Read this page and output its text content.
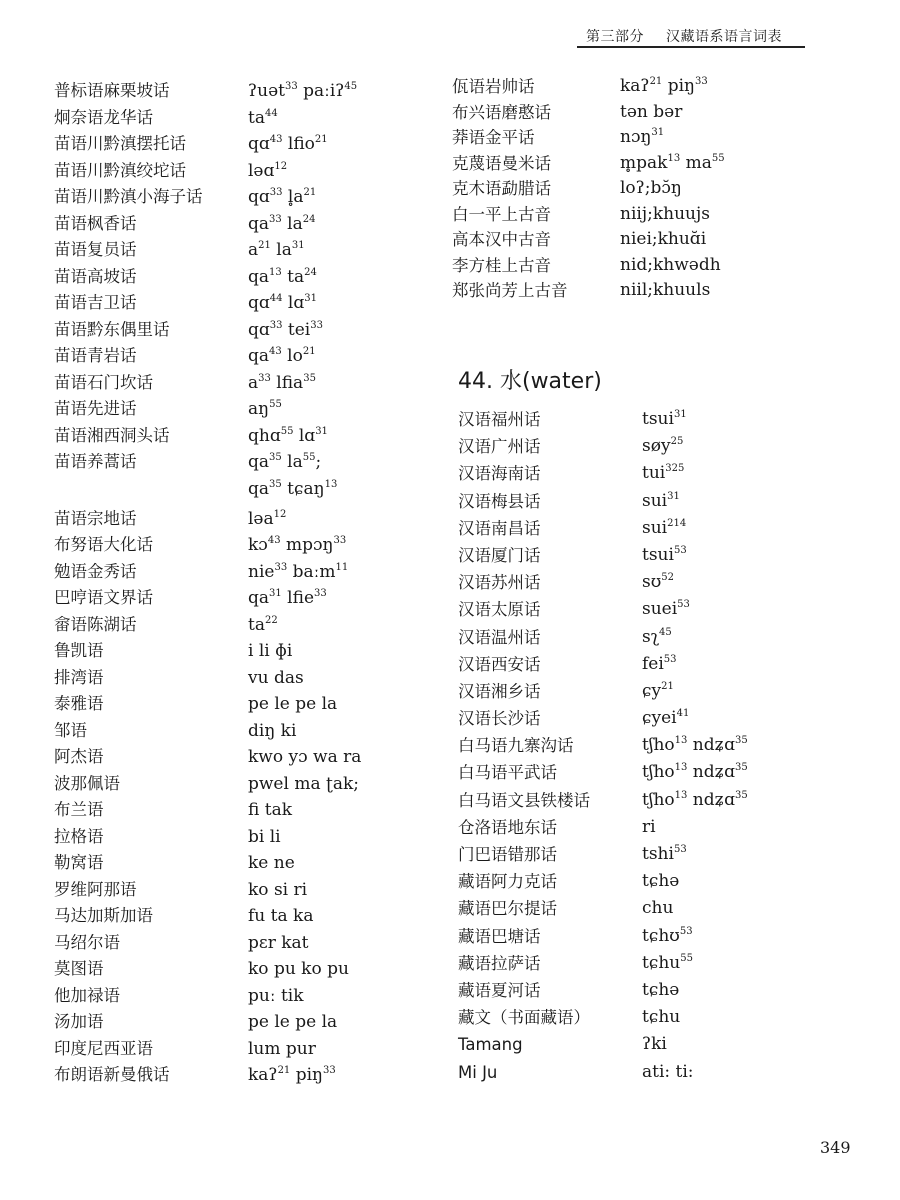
第三部分 汉藏语系语言词表
普标语麻栗坡话	ʔuət$^{33}$ paːiʔ$^{45}$
炯奈语龙华话	$ta^{44}$
苗语川黔滇摆托话	qɑ$^{43}$ lfio$^{21}$
苗语川黔滇绞坨话	ləɑ$^{12}$
苗语川黔滇小海子话	qɑ$^{33}$ $l̥a^{21}$
苗语枫香话	$qa^{33}$ $la^{24}$
苗语复员话	$a^{21}$ $la^{31}$
苗语高坡话	$qa^{13}$ $ta^{24}$
苗语吉卫话	qɑ$^{44}$ lɑ$^{31}$
苗语黔东偶里话	qɑ$^{33}$ tei$^{33}$
苗语青岩话	$qa^{43}$ $lo^{21}$
苗语石门坎话	$a^{33}$ lfia$^{35}$
苗语先进话	$aŋ^{55}$
苗语湘西洞头话	qhɑ$^{55}$ lɑ$^{31}$
苗语养蒿话	$qa^{35}$ $la^{55}$;
$qa^{35}$ tɕaŋ$^{13}$
苗语宗地话	ləa$^{12}$
布努语大化话	kɔ$^{43}$ mpɔŋ$^{33}$
勉语金秀话	nie$^{33}$ baːm$^{11}$
巴哼语文界话	$qa^{31}$ lfie$^{33}$
畲语陈湖话	$ta^{22}$
鲁凯语	i li ɸi
排湾语	vu das
泰雅语	pe le pe la
邹语	diŋ ki
阿杰语	kwo yɔ wa ra
波那佩语	pwel ma ʈak;
布兰语	fi tak
拉格语	bi li
勒窝语	ke ne
罗维阿那语	ko si ri
马达加斯加语	fu ta ka
马绍尔语	pɛr kat
莫图语	ko pu ko pu
他加禄语	puː tik
汤加语	pe le pe la
印度尼西亚语	lum pur
布朗语新曼俄话	kaʔ$^{21}$ piŋ$^{33}$
佤语岩帅话	kaʔ$^{21}$ piŋ$^{33}$
布兴语磨憨话	tən bər
莽语金平话	nɔŋ$^{31}$
克蔑语曼米话	m̥pak$^{13}$ $ma^{55}$
克木语勐腊话	loʔ;bɔ̆ŋ
白一平上古音	niij;khuujs
高本汉中古音	niei;khuɑ̆i
李方桂上古音	nid;khwədh
郑张尚芳上古音	niil;khuuls
44. 水(water)
汉语福州话	tsui$^{31}$
汉语广州话	søy$^{25}$
汉语海南话	tui$^{325}$
汉语梅县话	sui$^{31}$
汉语南昌话	sui$^{214}$
汉语厦门话	tsui$^{53}$
汉语苏州话	sʊ$^{52}$
汉语太原话	suei$^{53}$
汉语温州话	sʅ$^{45}$
汉语西安话	fei$^{53}$
汉语湘乡话	ɕy$^{21}$
汉语长沙话	ɕyei$^{41}$
白马语九寨沟话	tʃho$^{13}$ ndʑɑ$^{35}$
白马语平武话	tʃho$^{13}$ ndʑɑ$^{35}$
白马语文县铁楼话	tʃho$^{13}$ ndʑɑ$^{35}$
仓洛语地东话	ri
门巴语错那话	tshi$^{53}$
藏语阿力克话	tɕhə
藏语巴尔提话	chu
藏语巴塘话	tɕhʊ$^{53}$
藏语拉萨话	tɕhu$^{55}$
藏语夏河话	tɕhə
藏文（书面藏语）	tɕhu
Tamang	ʔki
Mi Ju	ati: ti:
349
